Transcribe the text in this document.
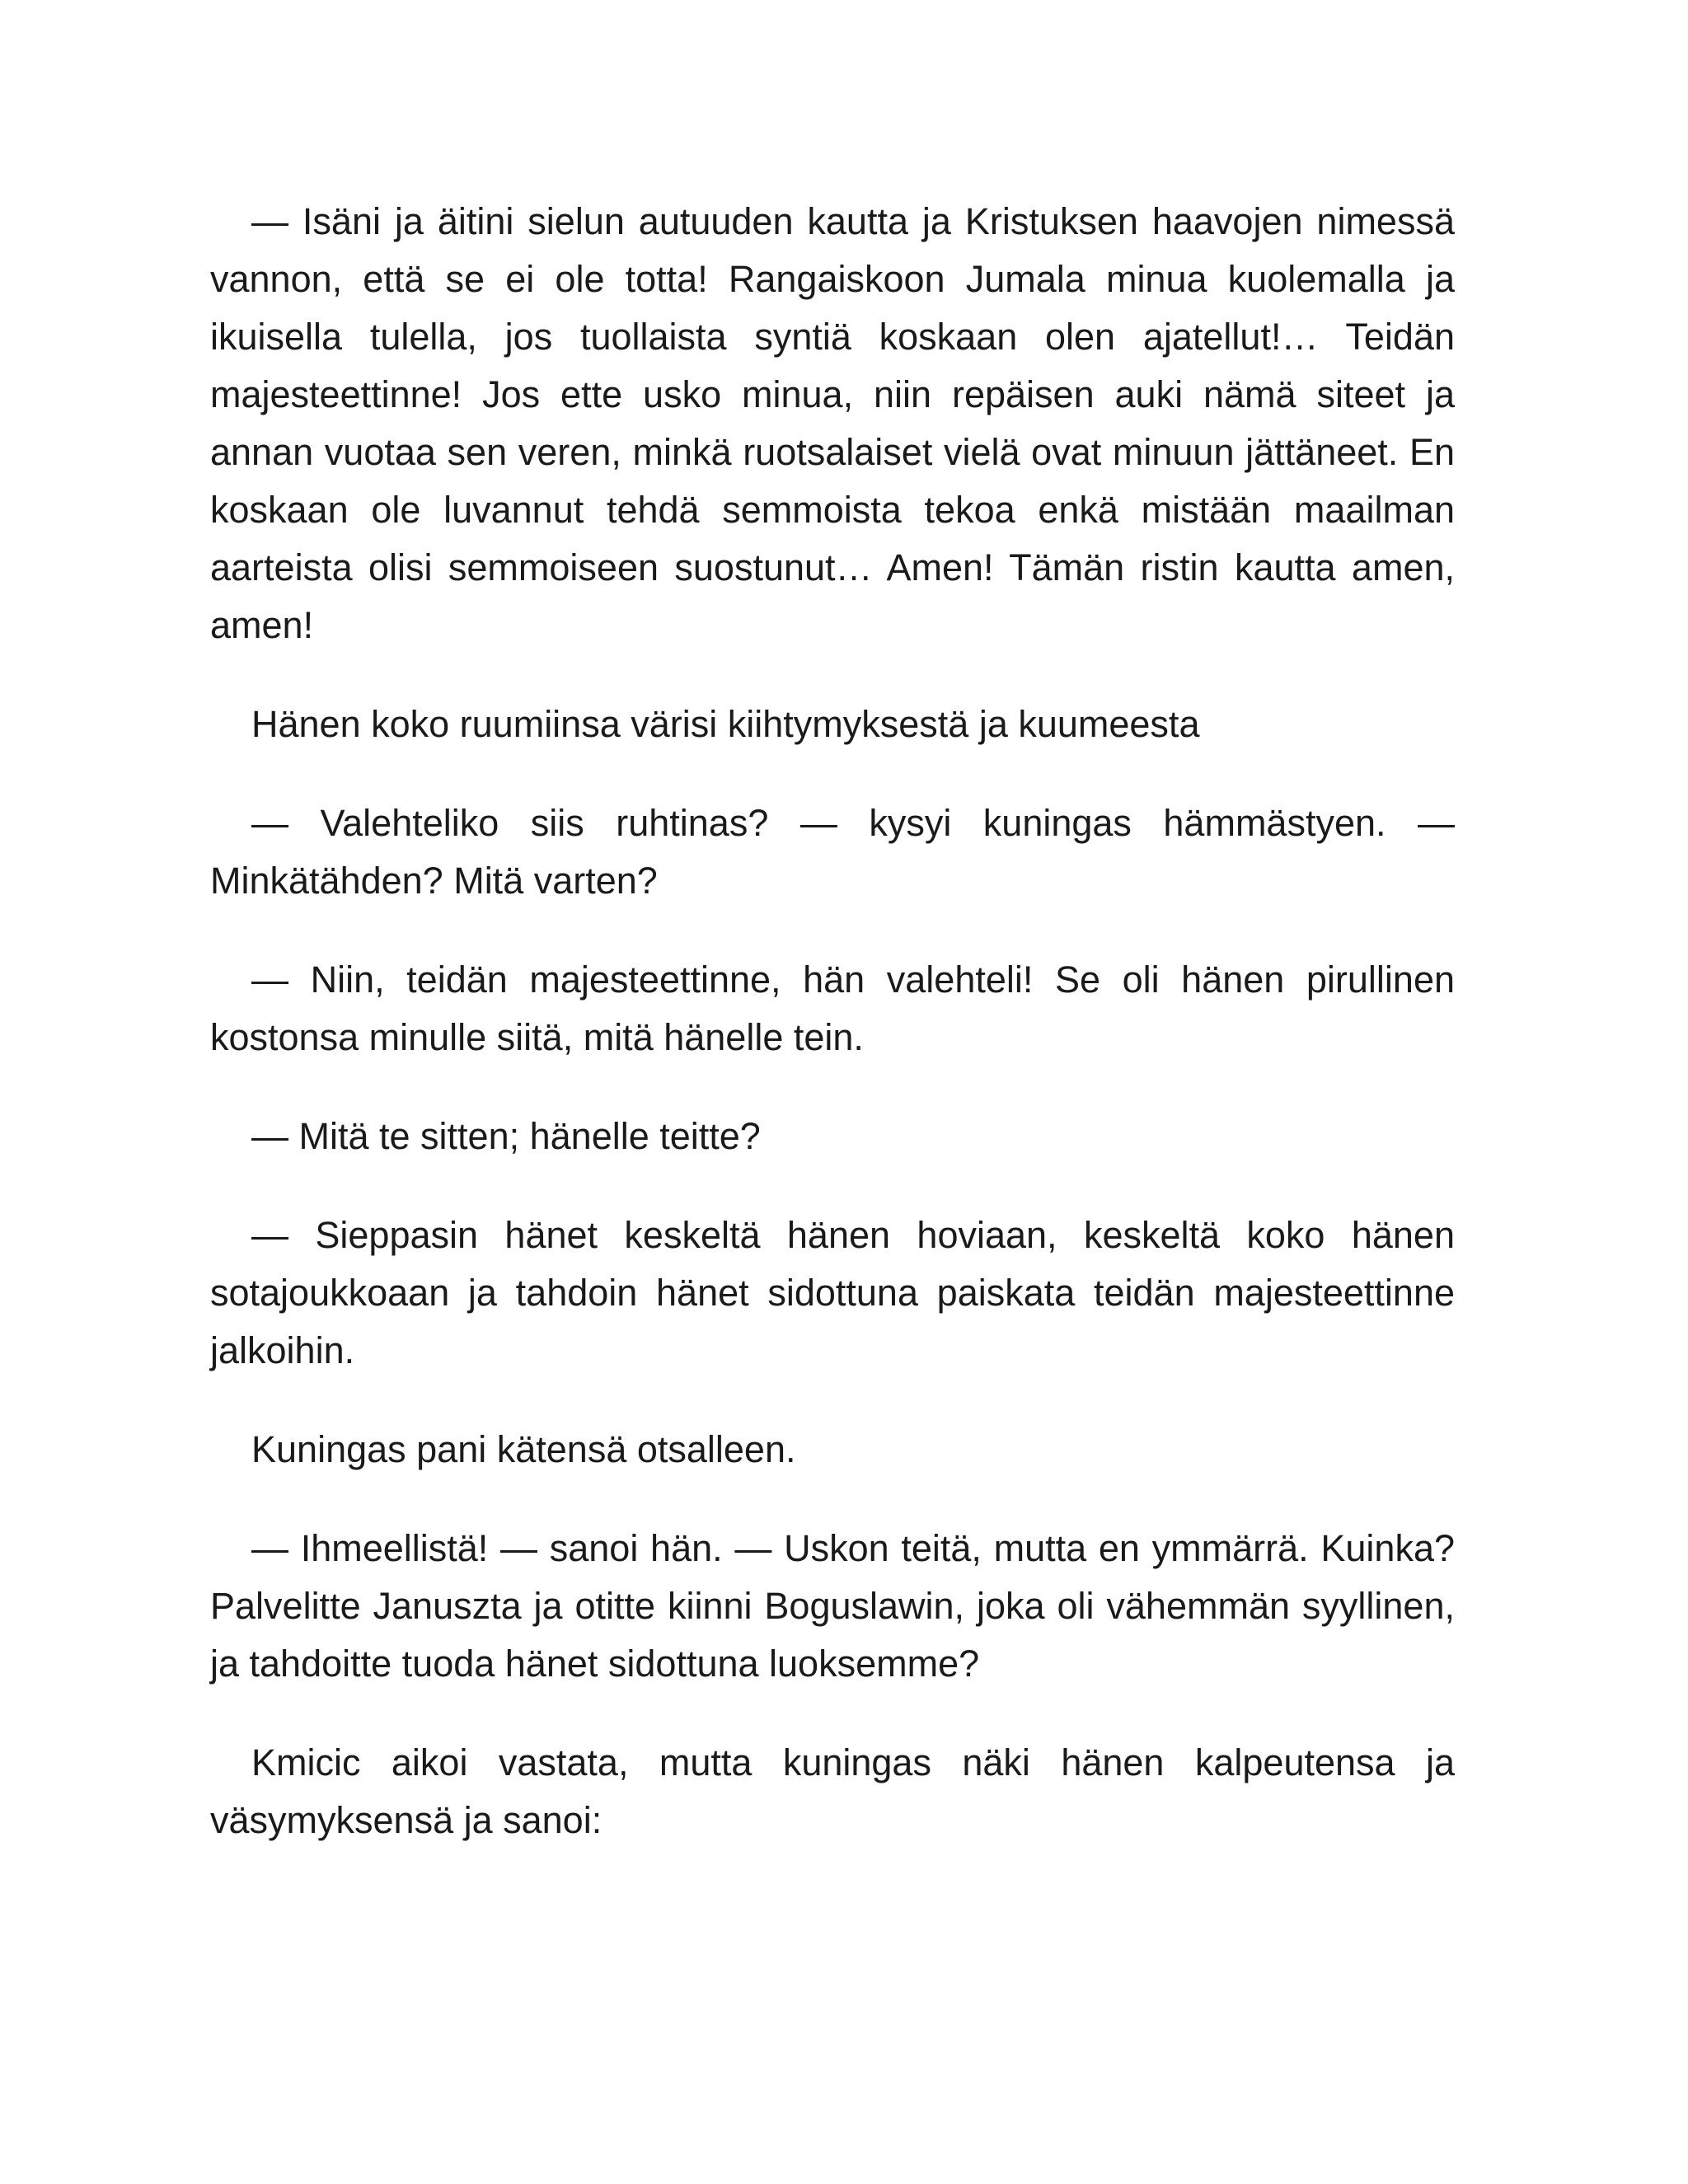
— Isäni ja äitini sielun autuuden kautta ja Kristuksen haavojen nimessä vannon, että se ei ole totta! Rangaiskoon Jumala minua kuolemalla ja ikuisella tulella, jos tuollaista syntiä koskaan olen ajatellut!… Teidän majesteettinne! Jos ette usko minua, niin repäisen auki nämä siteet ja annan vuotaa sen veren, minkä ruotsalaiset vielä ovat minuun jättäneet. En koskaan ole luvannut tehdä semmoista tekoa enkä mistään maailman aarteista olisi semmoiseen suostunut… Amen! Tämän ristin kautta amen, amen!

Hänen koko ruumiinsa värisi kiihtymyksestä ja kuumeesta

— Valehteliko siis ruhtinas? — kysyi kuningas hämmästyen. — Minkätähden? Mitä varten?

— Niin, teidän majesteettinne, hän valehteli! Se oli hänen pirullinen kostonsa minulle siitä, mitä hänelle tein.

— Mitä te sitten; hänelle teitte?

— Sieppasin hänet keskeltä hänen hoviaan, keskeltä koko hänen sotajoukkoaan ja tahdoin hänet sidottuna paiskata teidän majesteettinne jalkoihin.

Kuningas pani kätensä otsalleen.

— Ihmeellistä! — sanoi hän. — Uskon teitä, mutta en ymmärrä. Kuinka? Palvelitte Januszta ja otitte kiinni Boguslawin, joka oli vähemmän syyllinen, ja tahdoitte tuoda hänet sidottuna luoksemme?

Kmicic aikoi vastata, mutta kuningas näki hänen kalpeutensa ja väsymyksensä ja sanoi:
